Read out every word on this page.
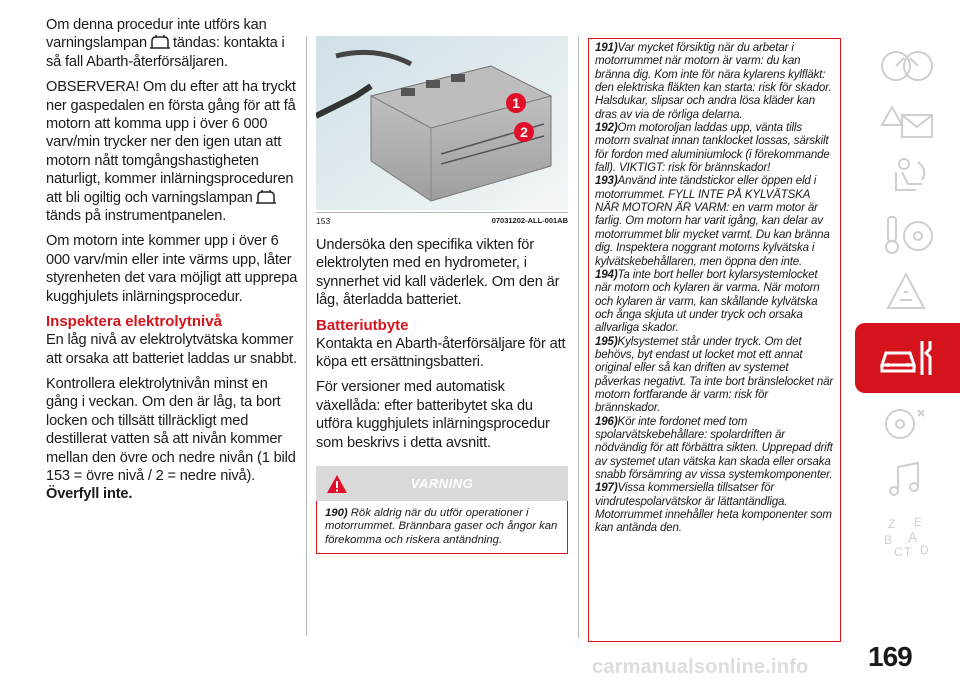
Om denna procedur inte utförs kan varningslampan tändas: kontakta i så fall Abarth-återförsäljaren.

OBSERVERA! Om du efter att ha tryckt ner gaspedalen en första gång för att få motorn att komma upp i över 6 000 varv/min trycker ner den igen utan att motorn nått tomgångshastigheten naturligt, kommer inlärningsproceduren att bli ogiltig och varningslampantänds på instrumentpanelen.

Om motorn inte kommer upp i över 6 000 varv/min eller inte värms upp, låter styrenheten det vara möjligt att upprepa kugghjulets inlärningsprocedur.

Inspektera elektrolytnivå

En låg nivå av elektrolytvätska kommer att orsaka att batteriet laddas ur snabbt.

Kontrollera elektrolytnivån minst en gång i veckan. Om den är låg, ta bort locken och tillsätt tillräckligt med destillerat vatten så att nivån kommer mellan den övre och nedre nivån (1 bild 153 = övre nivå / 2 = nedre nivå).
Överfyll inte.

1
2
153	07031202-ALL-001AB

Undersöka den specifika vikten för elektrolyten med en hydrometer, i synnerhet vid kall väderlek. Om den är låg, återladda batteriet.

Batteriutbyte

Kontakta en Abarth-återförsäljare för att köpa ett ersättningsbatteri.

För versioner med automatisk växellåda: efter batteribytet ska du utföra kugghjulets inlärningsprocedur som beskrivs i detta avsnitt.

VARNING
190) Rök aldrig när du utför operationer i motorrummet. Brännbara gaser och ångor kan förekomma och riskera antändning.

191)Var mycket försiktig när du arbetar i motorrummet när motorn är varm: du kan bränna dig. Kom inte för nära kylarens kylfläkt: den elektriska fläkten kan starta: risk för skador. Halsdukar, slipsar och andra lösa kläder kan dras av via de rörliga delarna.

192)Om motoroljan laddas upp, vänta tills motorn svalnat innan tanklocket lossas, särskilt för fordon med aluminiumlock (i förekommande fall). VIKTIGT: risk för brännskador!

193)Använd inte tändstickor eller öppen eld i motorrummet. FYLL INTE PÅ KYLVÄTSKA NÄR MOTORN ÄR VARM: en varm motor är farlig. Om motorn har varit igång, kan delar av motorrummet blir mycket varmt. Du kan bränna dig. Inspektera noggrant motorns kylvätska i kylvätskebehållaren, men öppna den inte.

194)Ta inte bort heller bort kylarsystemlocket när motorn och kylaren är varma. När motorn och kylaren är varm, kan skållande kylvätska och ånga skjuta ut under tryck och orsaka allvarliga skador.

195)Kylsystemet står under tryck. Om det behövs, byt endast ut locket mot ett annat original eller så kan driften av systemet påverkas negativt. Ta inte bort bränslelocket när motorn fortfarande är varm: risk för brännskador.

196)Kör inte fordonet med tom spolarvätskebehållare: spolardriften är nödvändig för att förbättra sikten. Upprepad drift av systemet utan vätska kan skada eller orsaka snabb försämring av vissa systemkomponenter.

197)Vissa kommersiella tillsatser för vindrutespolarvätskor är lättantändliga. Motorrummet innehåller heta komponenter som kan antända den.	Z E
B A
C T D
169
carmanualsonline.info
